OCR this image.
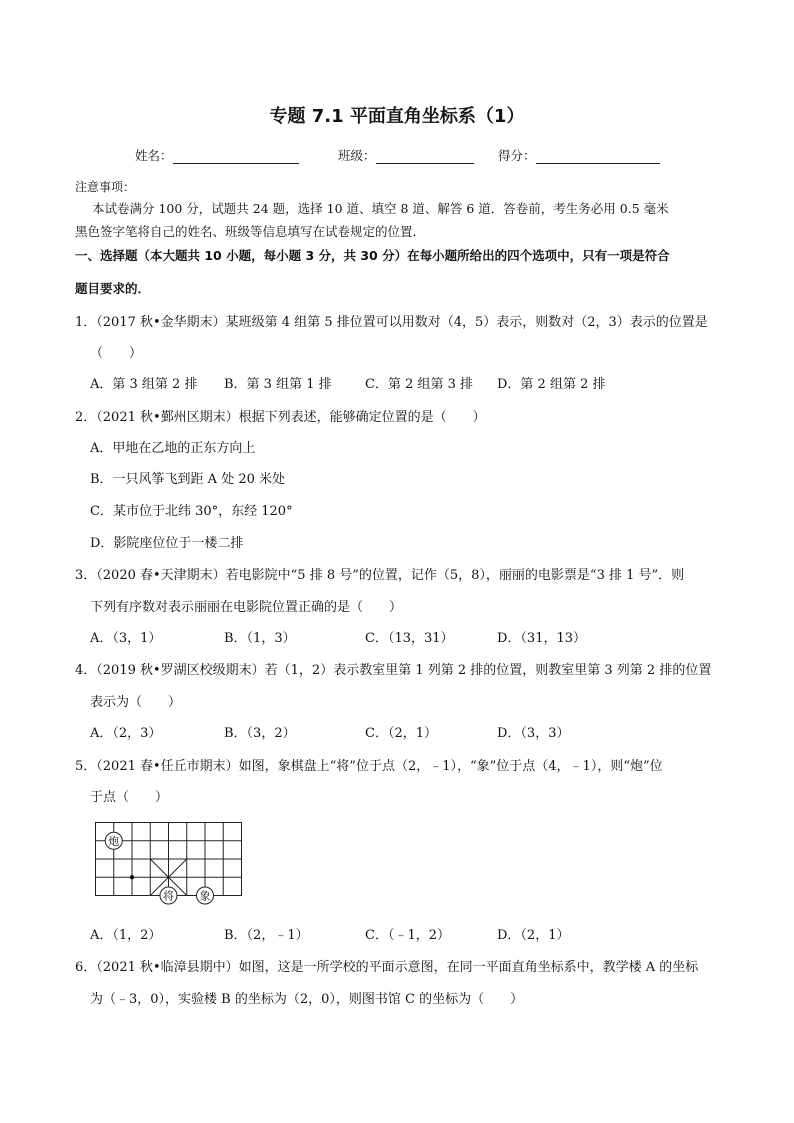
专题 7.1 平面直角坐标系（1）
姓名：	班级：	得分：
注意事项：
本试卷满分 100 分，试题共 24 题，选择 10 道、填空 8 道、解答 6 道．答卷前，考生务必用 0.5 毫米
黑色签字笔将自己的姓名、班级等信息填写在试卷规定的位置．
一、选择题（本大题共 10 小题，每小题 3 分，共 30 分）在每小题所给出的四个选项中，只有一项是符合
题目要求的．
1．（2017 秋•金华期末）某班级第 4 组第 5 排位置可以用数对（4，5）表示，则数对（2，3）表示的位置是
（　　）
A．第 3 组第 2 排 B．第 3 组第 1 排	C．第 2 组第 3 排 D．第 2 组第 2 排
2．（2021 秋•鄞州区期末）根据下列表述，能够确定位置的是（　　）
A．甲地在乙地的正东方向上
B．一只风筝飞到距 A 处 20 米处
C．某市位于北纬 30°，东经 120°
D．影院座位位于一楼二排
3．（2020 春•天津期末）若电影院中“5 排 8 号”的位置，记作（5，8），丽丽的电影票是“3 排 1 号”．则
下列有序数对表示丽丽在电影院位置正确的是（　　）
A．（3，1）	B．（1，3）	C．（13，31）	D．（31，13）
4．（2019 秋•罗湖区校级期末）若（1，2）表示教室里第 1 列第 2 排的位置，则教室里第 3 列第 2 排的位置
表示为（　　）
A．（2，3）	B．（3，2）	C．（2，1）	D．（3，3）
5．（2021 春•任丘市期末）如图，象棋盘上“将”位于点（2，﹣1），“象”位于点（4，﹣1），则“炮”位
于点（　　）
炮
将 象
A．（1，2）	B．（2，﹣1）	C．（﹣1，2）	D．（2，1）
6．（2021 秋•临漳县期中）如图，这是一所学校的平面示意图，在同一平面直角坐标系中，教学楼 A 的坐标
为（﹣3，0），实验楼 B 的坐标为（2，0），则图书馆 C 的坐标为（　　）
